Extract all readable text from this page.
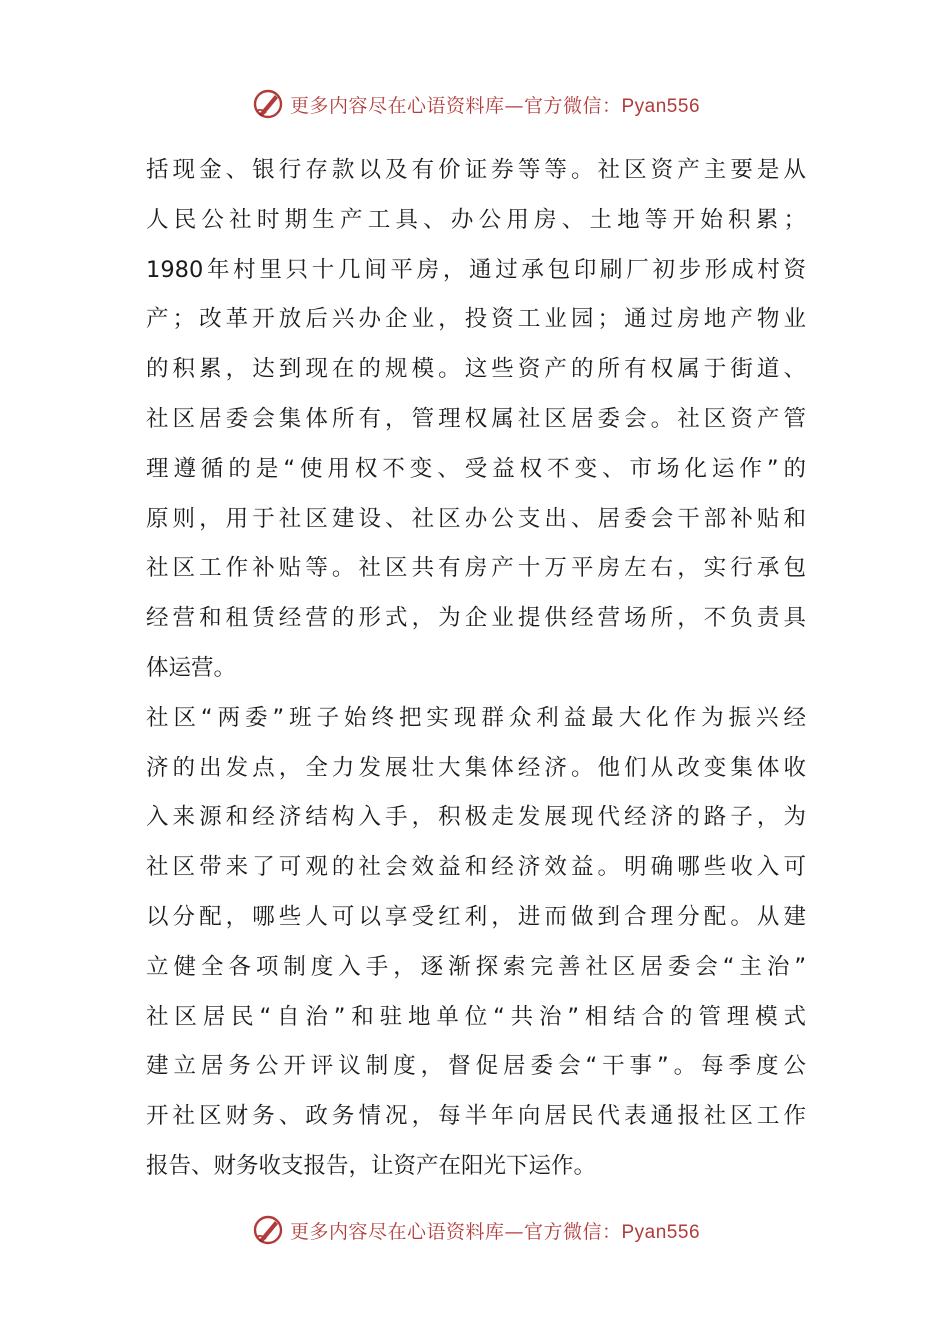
更多内容尽在心语资料库—官方微信：Pyan556
括现金、银行存款以及有价证券等等。社区资产主要是从
人民公社时期生产工具、办公用房、土地等开始积累；
1980年村里只十几间平房，通过承包印刷厂初步形成村资
产；改革开放后兴办企业，投资工业园；通过房地产物业
的积累，达到现在的规模。这些资产的所有权属于街道、
社区居委会集体所有，管理权属社区居委会。社区资产管
理遵循的是“使用权不变、受益权不变、市场化运作”的
原则，用于社区建设、社区办公支出、居委会干部补贴和
社区工作补贴等。社区共有房产十万平房左右，实行承包
经营和租赁经营的形式，为企业提供经营场所，不负责具
体运营。
社区“两委”班子始终把实现群众利益最大化作为振兴经
济的出发点，全力发展壮大集体经济。他们从改变集体收
入来源和经济结构入手，积极走发展现代经济的路子，为
社区带来了可观的社会效益和经济效益。明确哪些收入可
以分配，哪些人可以享受红利，进而做到合理分配。从建
立健全各项制度入手，逐渐探索完善社区居委会“主治”
社区居民“自治”和驻地单位“共治”相结合的管理模式
建立居务公开评议制度，督促居委会“干事”。每季度公
开社区财务、政务情况，每半年向居民代表通报社区工作
报告、财务收支报告，让资产在阳光下运作。
更多内容尽在心语资料库—官方微信：Pyan556
